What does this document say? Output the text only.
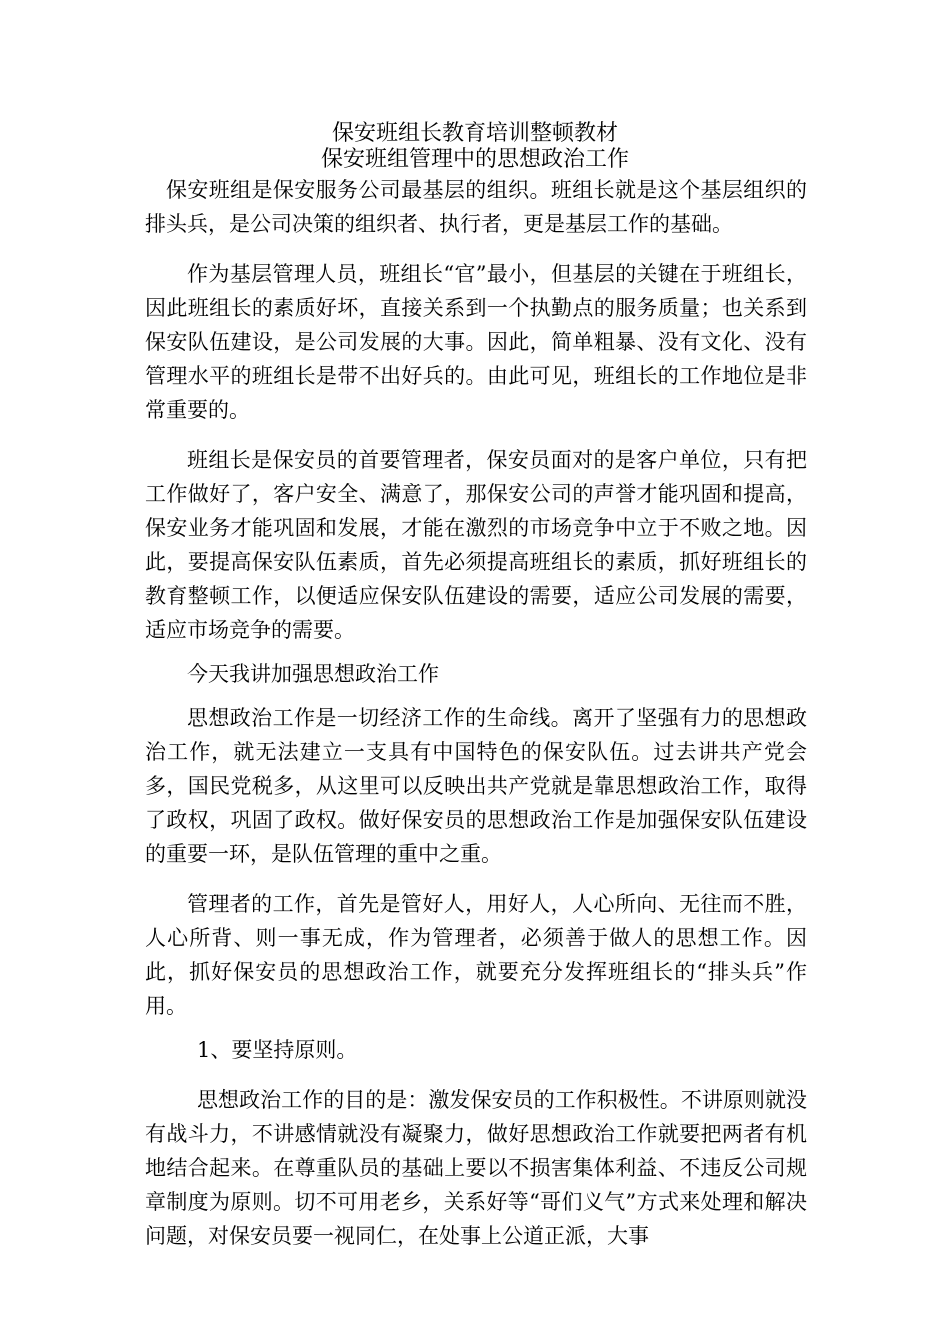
保安班组长教育培训整顿教材
保安班组管理中的思想政治工作

保安班组是保安服务公司最基层的组织。班组长就是这个基层组织的排头兵，是公司决策的组织者、执行者，更是基层工作的基础。

作为基层管理人员，班组长“官”最小，但基层的关键在于班组长，因此班组长的素质好坏，直接关系到一个执勤点的服务质量；也关系到保安队伍建设，是公司发展的大事。因此，简单粗暴、没有文化、没有管理水平的班组长是带不出好兵的。由此可见，班组长的工作地位是非常重要的。

班组长是保安员的首要管理者，保安员面对的是客户单位，只有把工作做好了，客户安全、满意了，那保安公司的声誉才能巩固和提高，保安业务才能巩固和发展，才能在激烈的市场竞争中立于不败之地。因此，要提高保安队伍素质，首先必须提高班组长的素质，抓好班组长的教育整顿工作，以便适应保安队伍建设的需要，适应公司发展的需要，适应市场竞争的需要。

今天我讲加强思想政治工作

思想政治工作是一切经济工作的生命线。离开了坚强有力的思想政治工作，就无法建立一支具有中国特色的保安队伍。过去讲共产党会多，国民党税多，从这里可以反映出共产党就是靠思想政治工作，取得了政权，巩固了政权。做好保安员的思想政治工作是加强保安队伍建设的重要一环，是队伍管理的重中之重。

管理者的工作，首先是管好人，用好人，人心所向、无往而不胜，人心所背、则一事无成，作为管理者，必须善于做人的思想工作。因此，抓好保安员的思想政治工作，就要充分发挥班组长的“排头兵”作用。

1、要坚持原则。

思想政治工作的目的是：激发保安员的工作积极性。不讲原则就没有战斗力，不讲感情就没有凝聚力，做好思想政治工作就要把两者有机地结合起来。在尊重队员的基础上要以不损害集体利益、不违反公司规章制度为原则。切不可用老乡，关系好等“哥们义气”方式来处理和解决问题，对保安员要一视同仁，在处事上公道正派，大事
